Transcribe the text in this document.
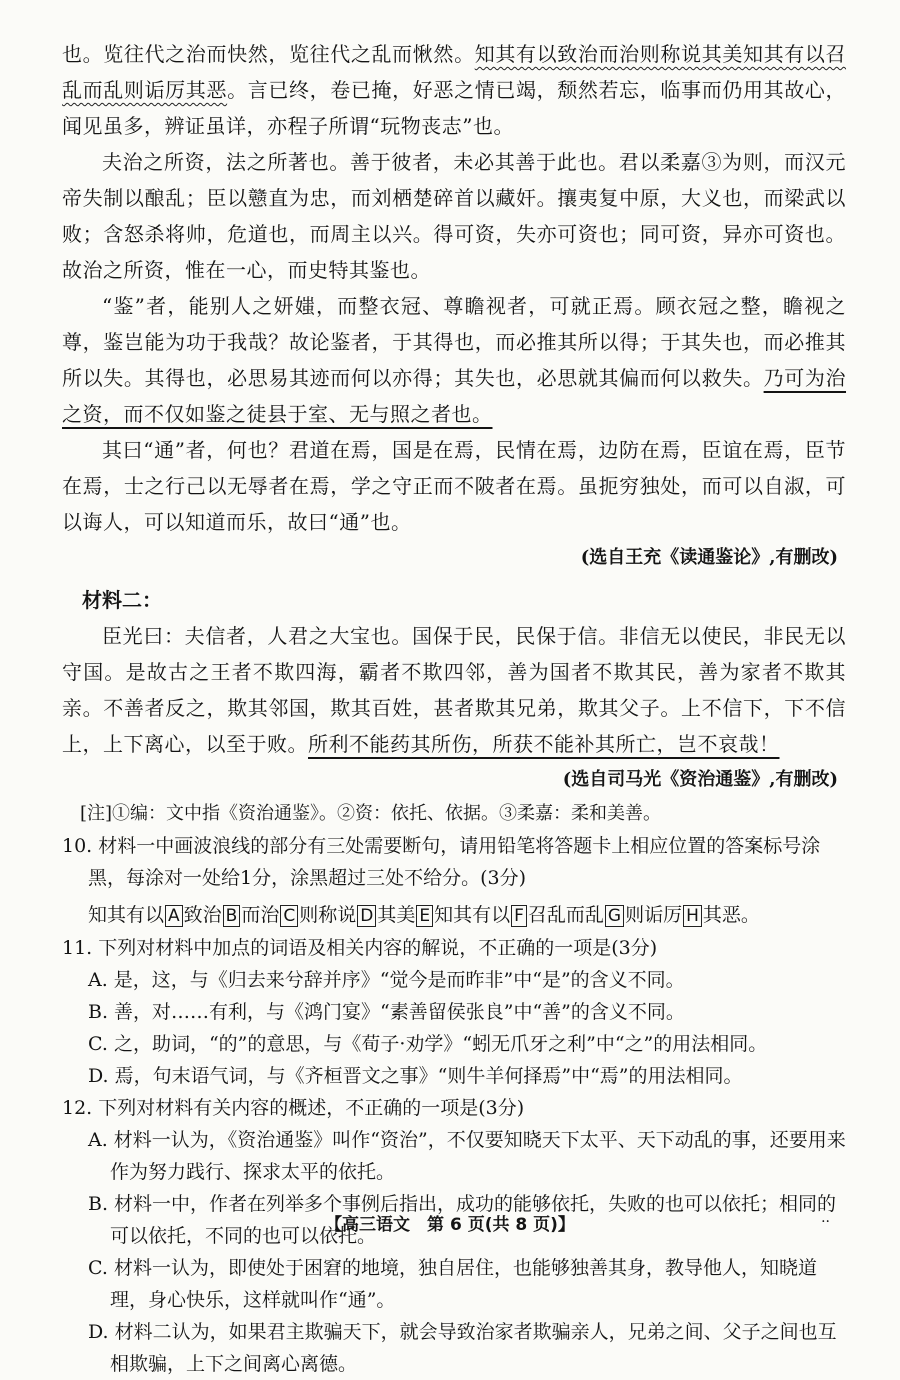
也。览往代之治而快然，览往代之乱而愀然。知其有以致治而治则称说其美知其有以召乱而乱则诟厉其恶。言已终，卷已掩，好恶之情已竭，颓然若忘，临事而仍用其故心，闻见虽多，辨证虽详，亦程子所谓“玩物丧志”也。

夫治之所资，法之所著也。善于彼者，未必其善于此也。君以柔嘉③为则，而汉元帝失制以酿乱；臣以戆直为忠，而刘栖楚碎首以藏奸。攘夷复中原，大义也，而梁武以败；含怒杀将帅，危道也，而周主以兴。得可资，失亦可资也；同可资，异亦可资也。故治之所资，惟在一心，而史特其鉴也。

“鉴”者，能别人之妍媸，而整衣冠、尊瞻视者，可就正焉。顾衣冠之整，瞻视之尊，鉴岂能为功于我哉？故论鉴者，于其得也，而必推其所以得；于其失也，而必推其所以失。其得也，必思易其迹而何以亦得；其失也，必思就其偏而何以救失。乃可为治之资，而不仅如鉴之徒县于室、无与照之者也。

其曰“通”者，何也？君道在焉，国是在焉，民情在焉，边防在焉，臣谊在焉，臣节在焉，士之行己以无辱者在焉，学之守正而不陂者在焉。虽扼穷独处，而可以自淑，可以诲人，可以知道而乐，故曰“通”也。

(选自王充《读通鉴论》,有删改)

材料二：

臣光曰：夫信者，人君之大宝也。国保于民，民保于信。非信无以使民，非民无以守国。是故古之王者不欺四海，霸者不欺四邻，善为国者不欺其民，善为家者不欺其亲。不善者反之，欺其邻国，欺其百姓，甚者欺其兄弟，欺其父子。上不信下，下不信上，上下离心，以至于败。所利不能药其所伤，所获不能补其所亡，岂不哀哉！

(选自司马光《资治通鉴》,有删改)

[注]①编：文中指《资治通鉴》。②资：依托、依据。③柔嘉：柔和美善。

10. 材料一中画波浪线的部分有三处需要断句，请用铅笔将答题卡上相应位置的答案标号涂黑，每涂对一处给1分，涂黑超过三处不给分。(3分)

知其有以 A 致治 B 而治 C 则称说 D 其美 E 知其有以 F 召乱而乱 G 则诟厉 H 其恶。

11. 下列对材料中加点的词语及相关内容的解说，不正确的一项是(3分)

A. 是，这，与《归去来兮辞并序》“觉今是而昨非”中“是”的含义不同。

B. 善，对……有利，与《鸿门宴》“素善留侯张良”中“善”的含义不同。

C. 之，助词，“的”的意思，与《荀子·劝学》“蚓无爪牙之利”中“之”的用法相同。

D. 焉，句末语气词，与《齐桓晋文之事》“则牛羊何择焉”中“焉”的用法相同。

12. 下列对材料有关内容的概述，不正确的一项是(3分)

A. 材料一认为，《资治通鉴》叫作“资治”，不仅要知晓天下太平、天下动乱的事，还要用来作为努力践行、探求太平的依托。

B. 材料一中，作者在列举多个事例后指出，成功的能够依托，失败的也可以依托；相同的可以依托，不同的也可以依托。

C. 材料一认为，即使处于困窘的地境，独自居住，也能够独善其身，教导他人，知晓道理，身心快乐，这样就叫作“通”。

D. 材料二认为，如果君主欺骗天下，就会导致治家者欺骗亲人，兄弟之间、父子之间也互相欺骗，上下之间离心离德。

【高三语文　第 6 页(共 8 页)】	··
